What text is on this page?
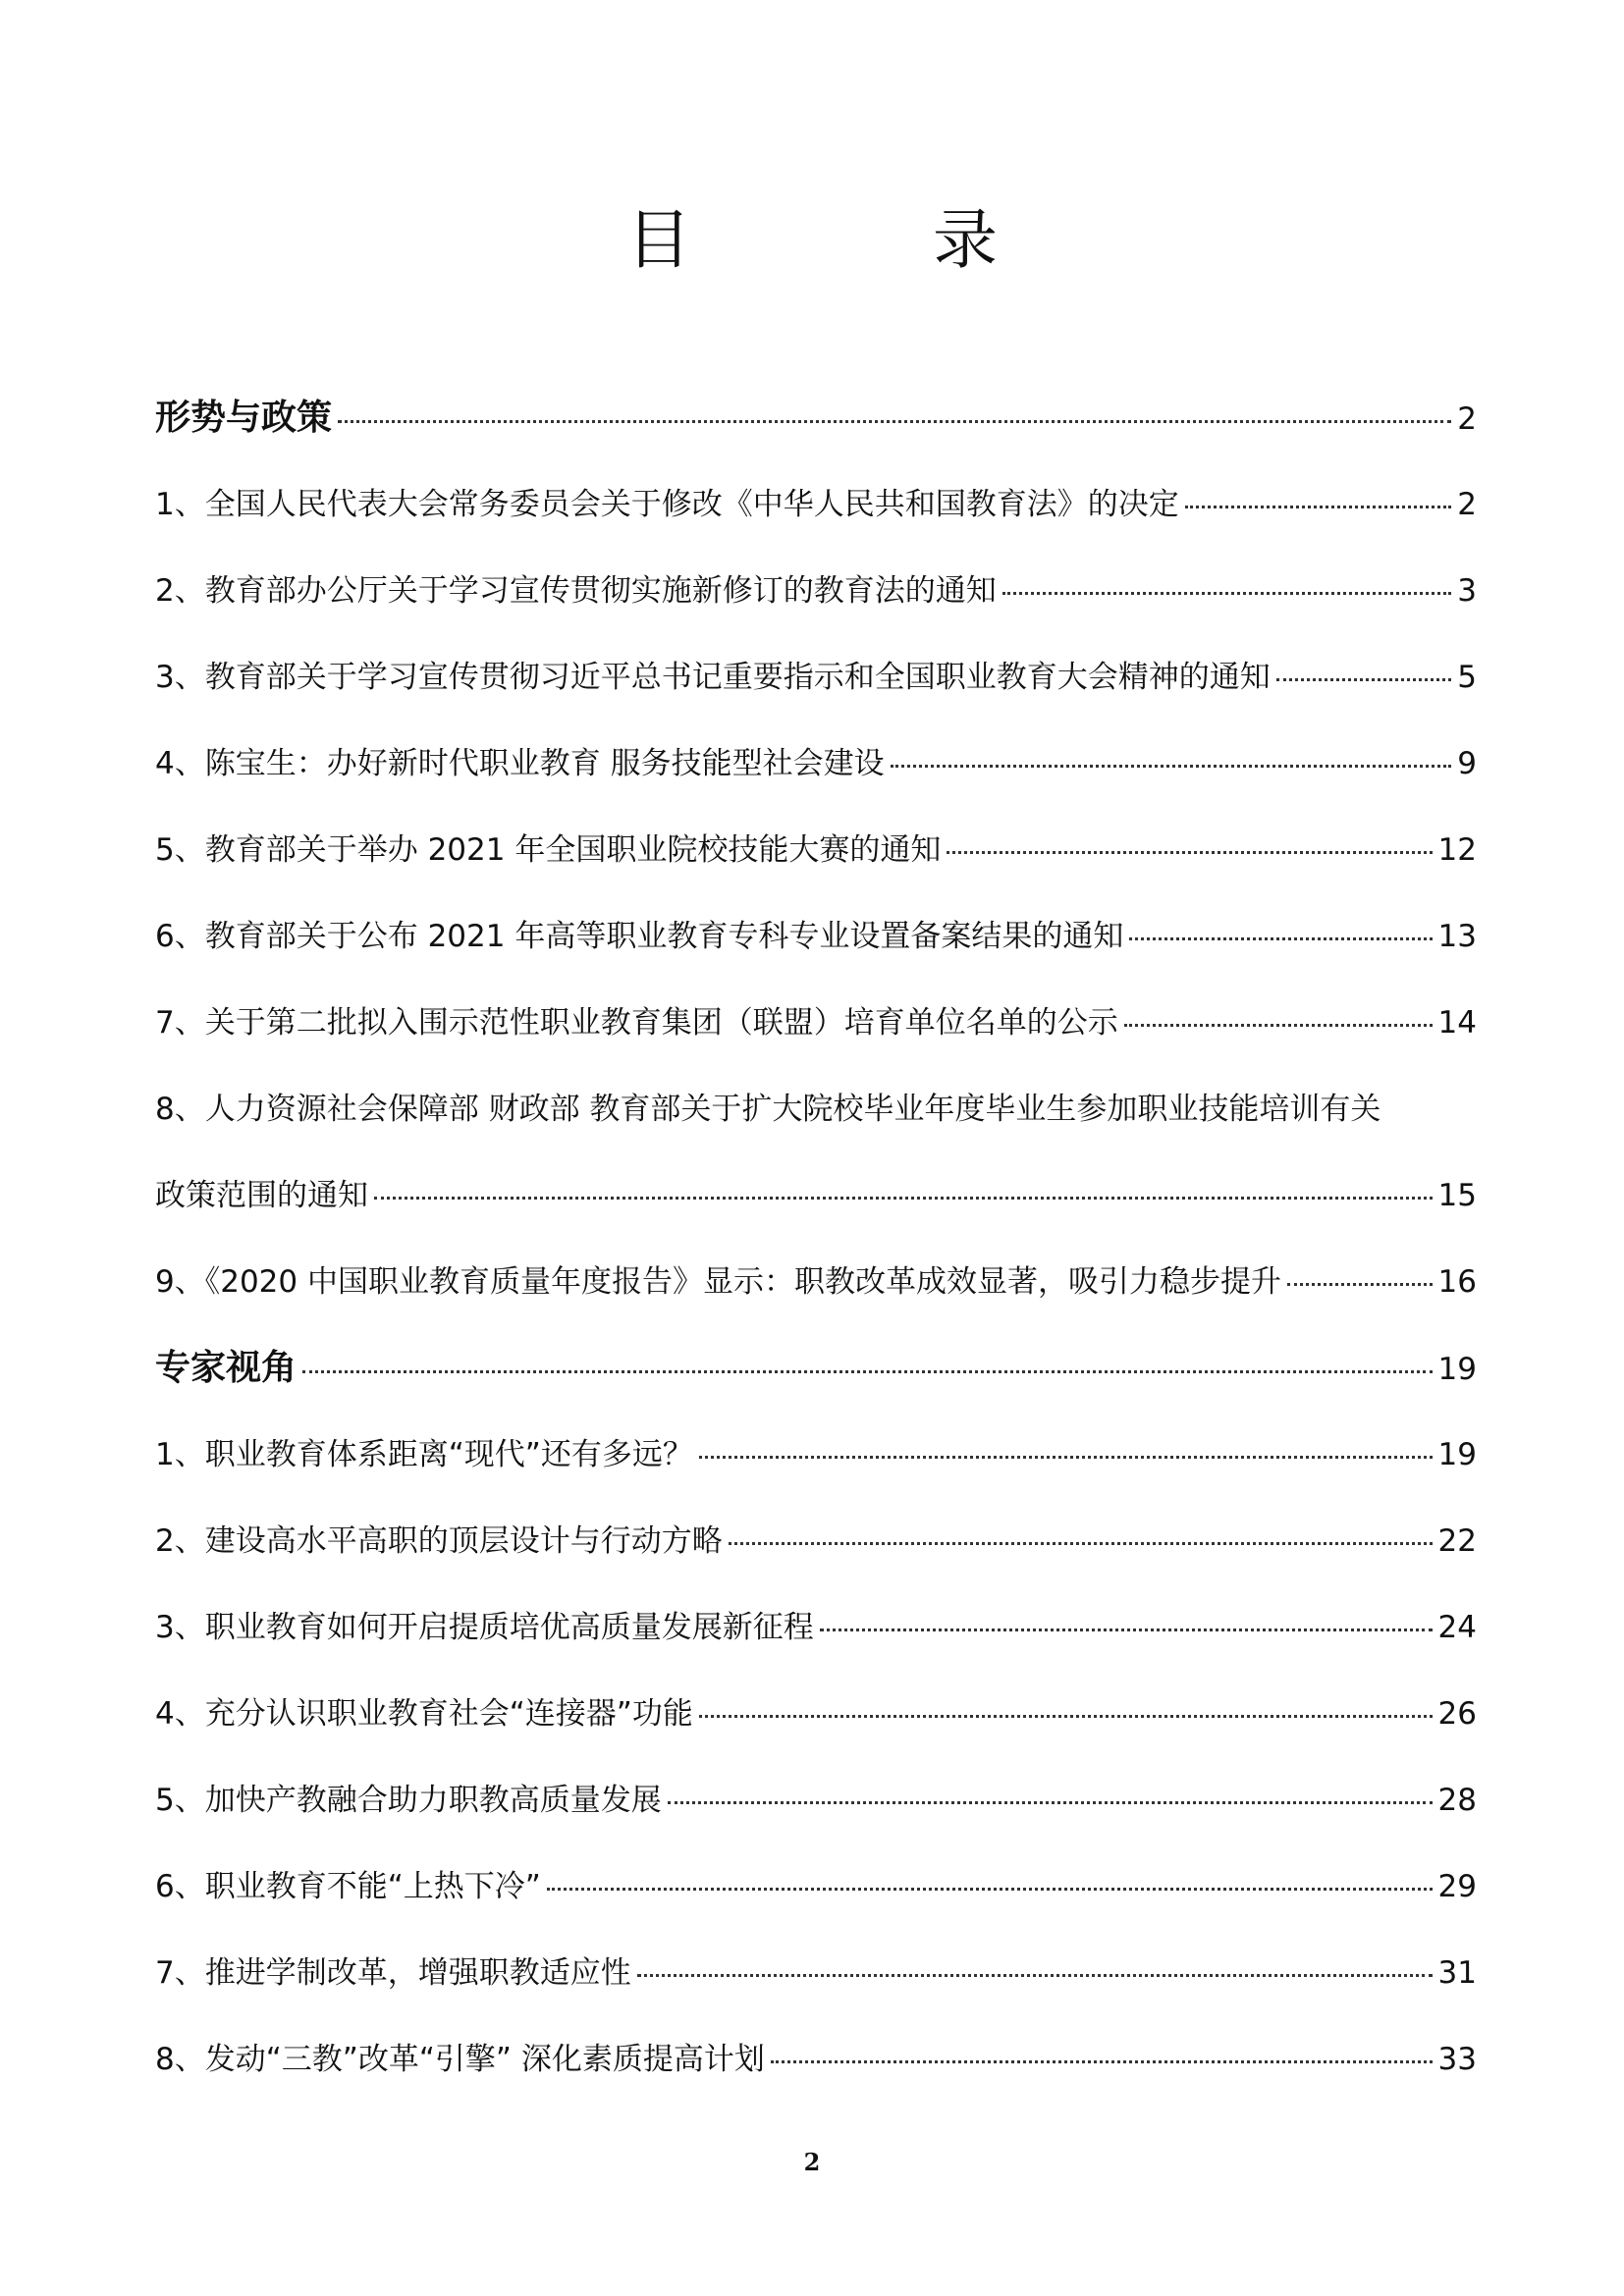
目　录
形势与政策	2
1、全国人民代表大会常务委员会关于修改《中华人民共和国教育法》的决定	2
2、教育部办公厅关于学习宣传贯彻实施新修订的教育法的通知	3
3、教育部关于学习宣传贯彻习近平总书记重要指示和全国职业教育大会精神的通知	5
4、陈宝生：办好新时代职业教育 服务技能型社会建设	9
5、教育部关于举办 2021 年全国职业院校技能大赛的通知	12
6、教育部关于公布 2021 年高等职业教育专科专业设置备案结果的通知	13
7、关于第二批拟入围示范性职业教育集团（联盟）培育单位名单的公示	14
8、人力资源社会保障部 财政部 教育部关于扩大院校毕业年度毕业生参加职业技能培训有关
政策范围的通知	15
9、《2020 中国职业教育质量年度报告》显示：职教改革成效显著，吸引力稳步提升	16
专家视角	19
1、职业教育体系距离“现代”还有多远？	19
2、建设高水平高职的顶层设计与行动方略	22
3、职业教育如何开启提质培优高质量发展新征程	24
4、充分认识职业教育社会“连接器”功能	26
5、加快产教融合助力职教高质量发展	28
6、职业教育不能“上热下冷”	29
7、推进学制改革，增强职教适应性	31
8、发动“三教”改革“引擎” 深化素质提高计划	33
2
